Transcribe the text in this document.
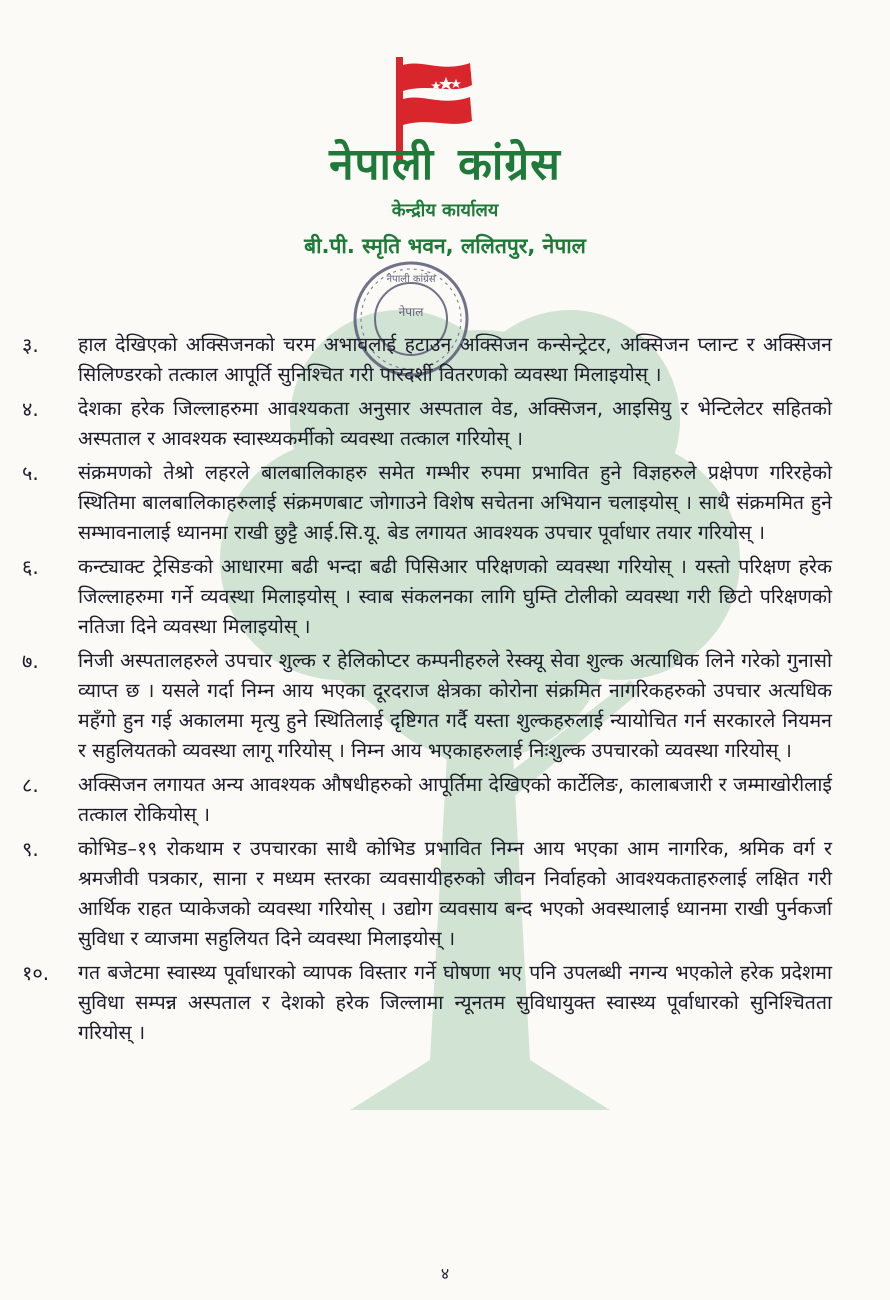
नेपाली कांग्रेस
केन्द्रीय कार्यालय
बी.पी. स्मृति भवन, ललितपुर, नेपाल
नेपाल
नेपाली कांग्रेस
३.	हाल देखिएको अक्सिजनको चरम अभावलाई हटाउन अक्सिजन कन्सेन्ट्रेटर, अक्सिजन प्लान्ट र अक्सिजन सिलिण्डरको तत्काल आपूर्ति सुनिश्चित गरी पारदर्शी वितरणको व्यवस्था मिलाइयोस् ।
४.	देशका हरेक जिल्लाहरुमा आवश्यकता अनुसार अस्पताल वेड, अक्सिजन, आइसियु र भेन्टिलेटर सहितको अस्पताल र आवश्यक स्वास्थ्यकर्मीको व्यवस्था तत्काल गरियोस् ।
५.	संक्रमणको तेश्रो लहरले बालबालिकाहरु समेत गम्भीर रुपमा प्रभावित हुने विज्ञहरुले प्रक्षेपण गरिरहेको स्थितिमा बालबालिकाहरुलाई संक्रमणबाट जोगाउने विशेष सचेतना अभियान चलाइयोस् । साथै संक्रममित हुने सम्भावनालाई ध्यानमा राखी छुट्टै आई.सि.यू. बेड लगायत आवश्यक उपचार पूर्वाधार तयार गरियोस् ।
६.	कन्ट्याक्ट ट्रेसिङको आधारमा बढी भन्दा बढी पिसिआर परिक्षणको व्यवस्था गरियोस् । यस्तो परिक्षण हरेक जिल्लाहरुमा गर्ने व्यवस्था मिलाइयोस् । स्वाब संकलनका लागि घुम्ति टोलीको व्यवस्था गरी छिटो परिक्षणको नतिजा दिने व्यवस्था मिलाइयोस् ।
७.	निजी अस्पतालहरुले उपचार शुल्क र हेलिकोप्टर कम्पनीहरुले रेस्क्यू सेवा शुल्क अत्याधिक लिने गरेको गुनासो व्याप्त छ । यसले गर्दा निम्न आय भएका दूरदराज क्षेत्रका कोरोना संक्रमित नागरिकहरुको उपचार अत्यधिक महँगो हुन गई अकालमा मृत्यु हुने स्थितिलाई दृष्टिगत गर्दै यस्ता शुल्कहरुलाई न्यायोचित गर्न सरकारले नियमन र सहुलियतको व्यवस्था लागू गरियोस् । निम्न आय भएकाहरुलाई निःशुल्क उपचारको व्यवस्था गरियोस् ।
८.	अक्सिजन लगायत अन्य आवश्यक औषधीहरुको आपूर्तिमा देखिएको कार्टेलिङ, कालाबजारी र जम्माखोरीलाई तत्काल रोकियोस् ।
९.	कोभिड–१९ रोकथाम र उपचारका साथै कोभिड प्रभावित निम्न आय भएका आम नागरिक, श्रमिक वर्ग र श्रमजीवी पत्रकार, साना र मध्यम स्तरका व्यवसायीहरुको जीवन निर्वाहको आवश्यकताहरुलाई लक्षित गरी आर्थिक राहत प्याकेजको व्यवस्था गरियोस् । उद्योग व्यवसाय बन्द भएको अवस्थालाई ध्यानमा राखी पुर्नकर्जा सुविधा र व्याजमा सहुलियत दिने व्यवस्था मिलाइयोस् ।
१०.	गत बजेटमा स्वास्थ्य पूर्वाधारको व्यापक विस्तार गर्ने घोषणा भए पनि उपलब्धी नगन्य भएकोले हरेक प्रदेशमा सुविधा सम्पन्न अस्पताल र देशको हरेक जिल्लामा न्यूनतम सुविधायुक्त स्वास्थ्य पूर्वाधारको सुनिश्चितता गरियोस् ।
४
